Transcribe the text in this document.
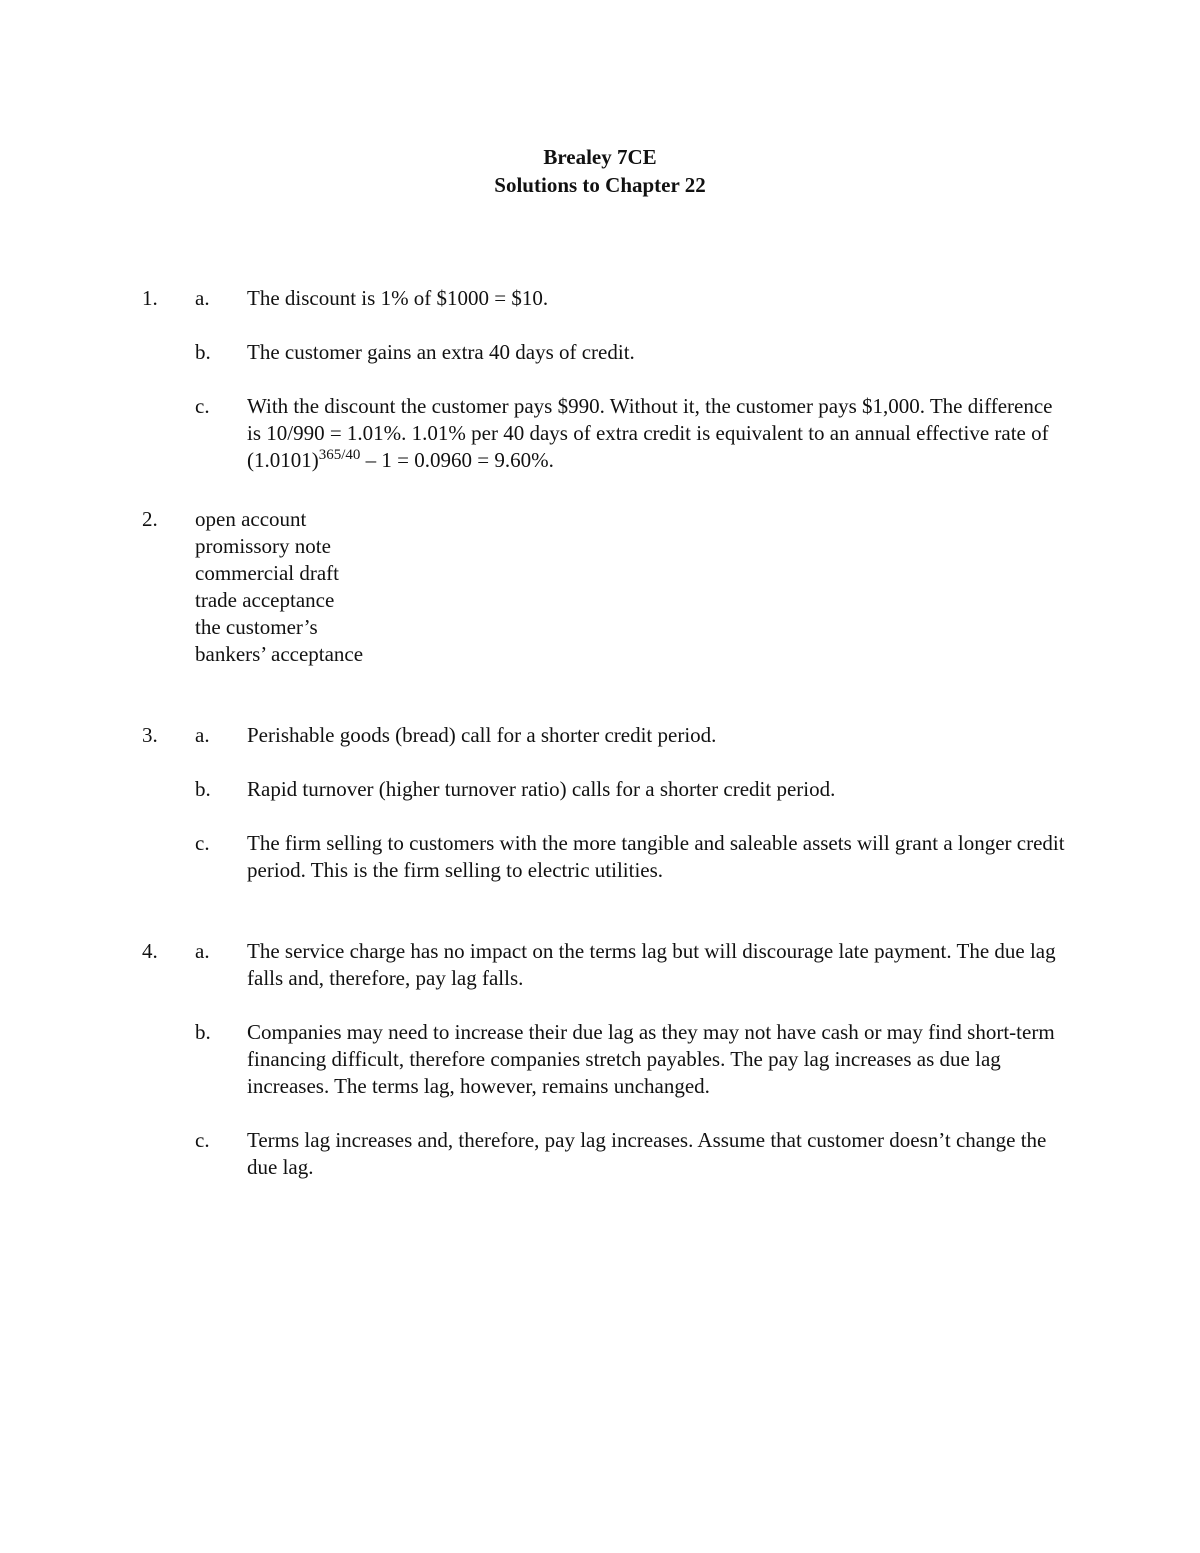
Brealey 7CE
Solutions to Chapter 22
1. a. The discount is 1% of $1000 = $10.
b. The customer gains an extra 40 days of credit.
c. With the discount the customer pays $990. Without it, the customer pays $1,000. The difference is 10/990 = 1.01%. 1.01% per 40 days of extra credit is equivalent to an annual effective rate of $(1.0101)^{365/40} - 1 = 0.0960 = 9.60\%$.
2. open account
promissory note
commercial draft
trade acceptance
the customer’s
bankers’ acceptance
3. a. Perishable goods (bread) call for a shorter credit period.
b. Rapid turnover (higher turnover ratio) calls for a shorter credit period.
c. The firm selling to customers with the more tangible and saleable assets will grant a longer credit period. This is the firm selling to electric utilities.
4. a. The service charge has no impact on the terms lag but will discourage late payment. The due lag falls and, therefore, pay lag falls.
b. Companies may need to increase their due lag as they may not have cash or may find short-term financing difficult, therefore companies stretch payables. The pay lag increases as due lag increases. The terms lag, however, remains unchanged.
c. Terms lag increases and, therefore, pay lag increases. Assume that customer doesn’t change the due lag.
